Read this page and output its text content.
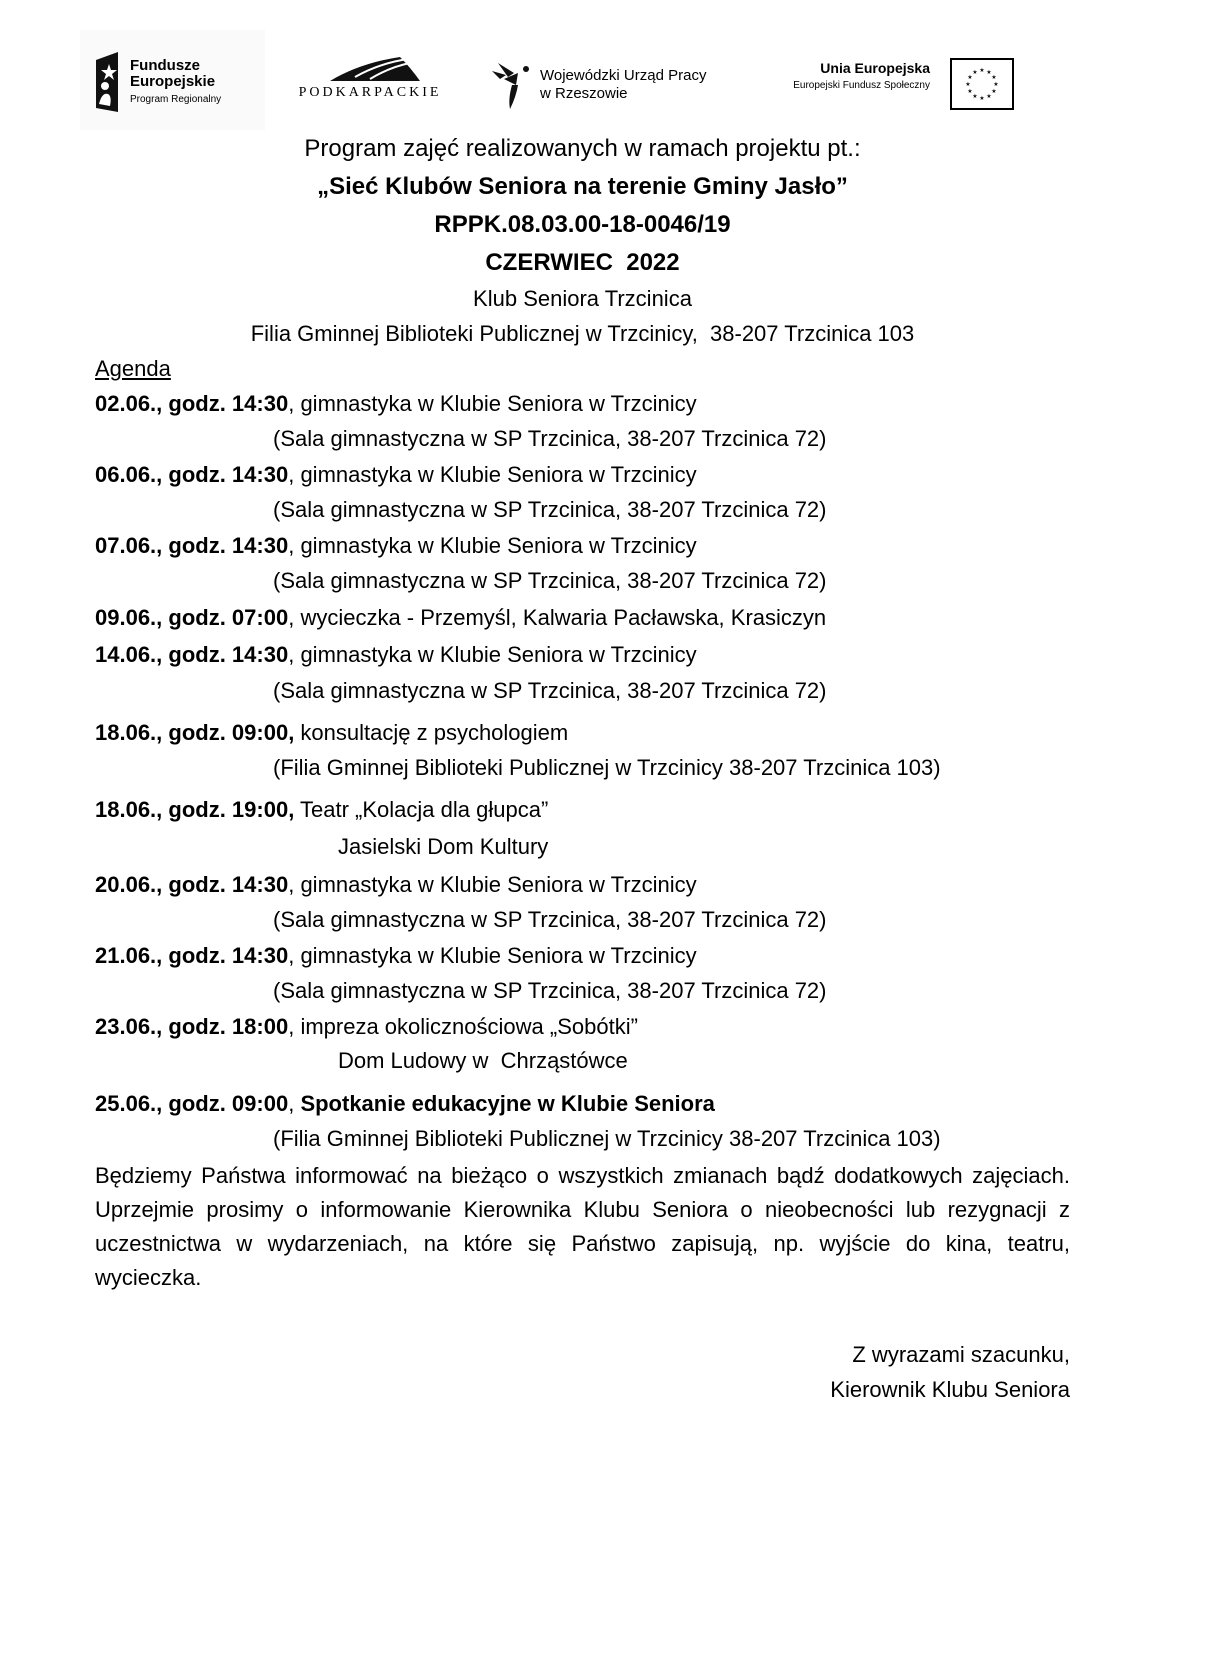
Fundusze
Europejskie
Program Regionalny	PODKARPACKIE
Wojewódzki Urząd Pracy
w Rzeszowie
Unia Europejska
Europejski Fundusz Społeczny
★ ★
★
★
★
★
★
★
★
★
★
★
Program zajęć realizowanych w ramach projektu pt.:
„Sieć Klubów Seniora na terenie Gminy Jasło”
RPPK.08.03.00-18-0046/19
CZERWIEC  2022
Klub Seniora Trzcinica
Filia Gminnej Biblioteki Publicznej w Trzcinicy,  38-207 Trzcinica 103
Agenda
02.06., godz. 14:30, gimnastyka w Klubie Seniora w Trzcinicy
(Sala gimnastyczna w SP Trzcinica, 38-207 Trzcinica 72)
06.06., godz. 14:30, gimnastyka w Klubie Seniora w Trzcinicy
(Sala gimnastyczna w SP Trzcinica, 38-207 Trzcinica 72)
07.06., godz. 14:30, gimnastyka w Klubie Seniora w Trzcinicy
(Sala gimnastyczna w SP Trzcinica, 38-207 Trzcinica 72)
09.06., godz. 07:00, wycieczka - Przemyśl, Kalwaria Pacławska, Krasiczyn
14.06., godz. 14:30, gimnastyka w Klubie Seniora w Trzcinicy
(Sala gimnastyczna w SP Trzcinica, 38-207 Trzcinica 72)
18.06., godz. 09:00, konsultację z psychologiem
(Filia Gminnej Biblioteki Publicznej w Trzcinicy 38-207 Trzcinica 103)
18.06., godz. 19:00, Teatr „Kolacja dla głupca”
Jasielski Dom Kultury
20.06., godz. 14:30, gimnastyka w Klubie Seniora w Trzcinicy
(Sala gimnastyczna w SP Trzcinica, 38-207 Trzcinica 72)
21.06., godz. 14:30, gimnastyka w Klubie Seniora w Trzcinicy
(Sala gimnastyczna w SP Trzcinica, 38-207 Trzcinica 72)
23.06., godz. 18:00, impreza okolicznościowa „Sobótki”
Dom Ludowy w  Chrząstówce
25.06., godz. 09:00, Spotkanie edukacyjne w Klubie Seniora
(Filia Gminnej Biblioteki Publicznej w Trzcinicy 38-207 Trzcinica 103)
Będziemy Państwa informować na bieżąco o wszystkich zmianach bądź dodatkowych zajęciach. Uprzejmie prosimy o informowanie Kierownika Klubu Seniora o nieobecności lub rezygnacji z uczestnictwa w wydarzeniach, na które się Państwo zapisują, np. wyjście do kina, teatru, wycieczka.
Z wyrazami szacunku,
Kierownik Klubu Seniora
